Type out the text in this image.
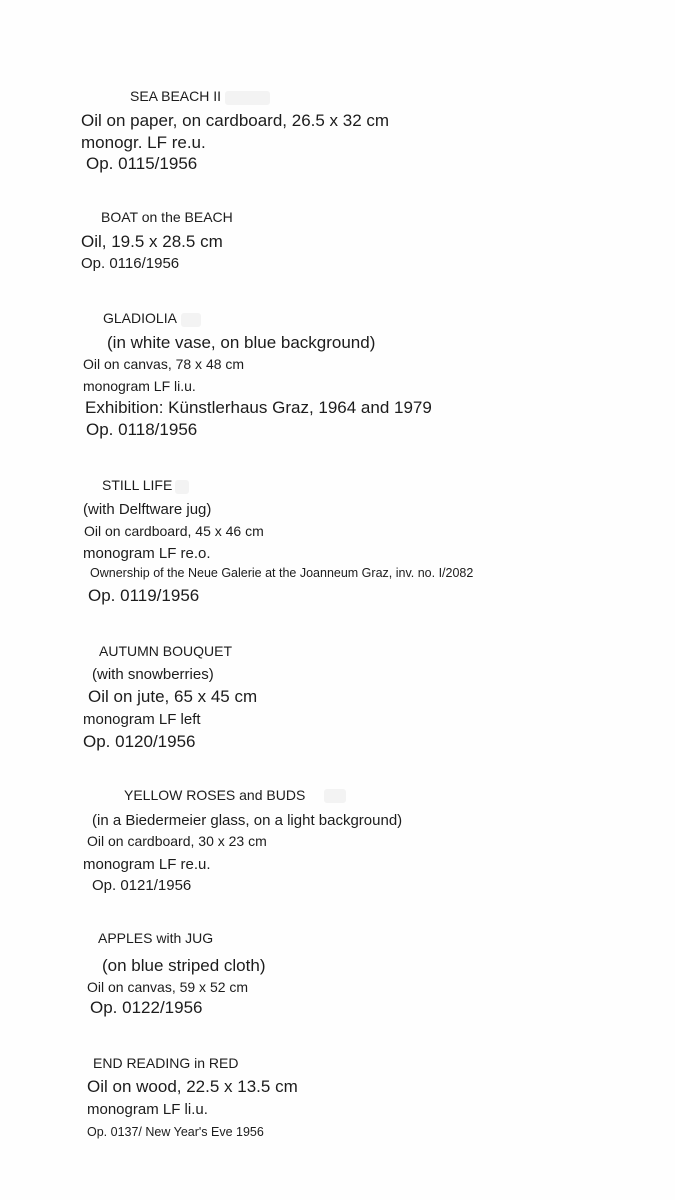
SEA BEACH II
Oil on paper, on cardboard, 26.5 x 32 cm
monogr. LF re.u.
Op. 0115/1956
BOAT on the BEACH
Oil, 19.5 x 28.5 cm
Op. 0116/1956
GLADIOLIA
(in white vase, on blue background)
Oil on canvas, 78 x 48 cm
monogram LF li.u.
Exhibition: Künstlerhaus Graz, 1964 and 1979
Op. 0118/1956
STILL LIFE
(with Delftware jug)
Oil on cardboard, 45 x 46 cm
monogram LF re.o.
Ownership of the Neue Galerie at the Joanneum Graz, inv. no. I/2082
Op. 0119/1956
AUTUMN BOUQUET
(with snowberries)
Oil on jute, 65 x 45 cm
monogram LF left
Op. 0120/1956
YELLOW ROSES and BUDS
(in a Biedermeier glass, on a light background)
Oil on cardboard, 30 x 23 cm
monogram LF re.u.
Op. 0121/1956
APPLES with JUG
(on blue striped cloth)
Oil on canvas, 59 x 52 cm
Op. 0122/1956
END READING in RED
Oil on wood, 22.5 x 13.5 cm
monogram LF li.u.
Op. 0137/ New Year's Eve 1956
